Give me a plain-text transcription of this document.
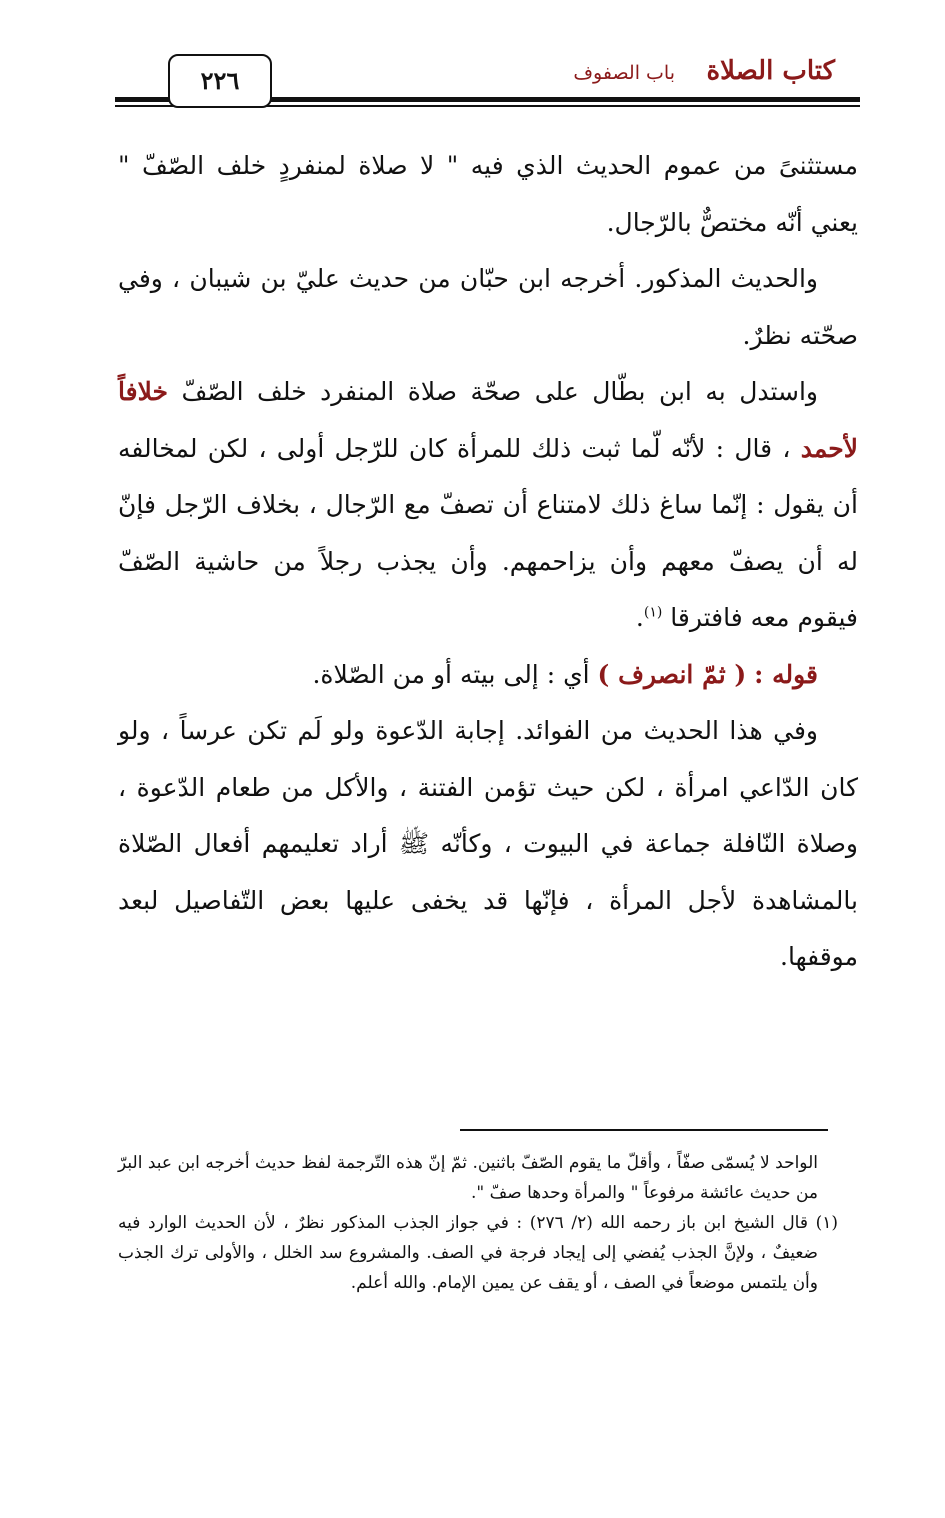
كتاب الصلاة
باب الصفوف
٢٢٦

مستثنىً من عموم الحديث الذي فيه " لا صلاة لمنفردٍ خلف الصّفّ " يعني أنّه مختصٌّ بالرّجال.

والحديث المذكور. أخرجه ابن حبّان من حديث عليّ بن شيبان ، وفي صحّته نظرٌ.

واستدل به ابن بطّال على صحّة صلاة المنفرد خلف الصّفّ خلافاً لأحمد ، قال : لأنّه لّما ثبت ذلك للمرأة كان للرّجل أولى ، لكن لمخالفه أن يقول : إنّما ساغ ذلك لامتناع أن تصفّ مع الرّجال ، بخلاف الرّجل فإنّ له أن يصفّ معهم وأن يزاحمهم. وأن يجذب رجلاً من حاشية الصّفّ فيقوم معه فافترقا $^{(١)}$.

قوله : ( ثمّ انصرف ) أي : إلى بيته أو من الصّلاة.

وفي هذا الحديث من الفوائد. إجابة الدّعوة ولو لَم تكن عرساً ، ولو كان الدّاعي امرأة ، لكن حيث تؤمن الفتنة ، والأكل من طعام الدّعوة ، وصلاة النّافلة جماعة في البيوت ، وكأنّه ﷺ أراد تعليمهم أفعال الصّلاة بالمشاهدة لأجل المرأة ، فإنّها قد يخفى عليها بعض التّفاصيل لبعد موقفها.

الواحد لا يُسمّى صفّاً ، وأقلّ ما يقوم الصّفّ باثنين. ثمّ إنّ هذه التّرجمة لفظ حديث أخرجه ابن عبد البرّ من حديث عائشة مرفوعاً " والمرأة وحدها صفّ ".

(١) قال الشيخ ابن باز رحمه الله (٢/ ٢٧٦) : في جواز الجذب المذكور نظرٌ ، لأن الحديث الوارد فيه ضعيفٌ ، ولإنَّ الجذب يُفضي إلى إيجاد فرجة في الصف. والمشروع سد الخلل ، والأولى ترك الجذب وأن يلتمس موضعاً في الصف ، أو يقف عن يمين الإمام. والله أعلم.
